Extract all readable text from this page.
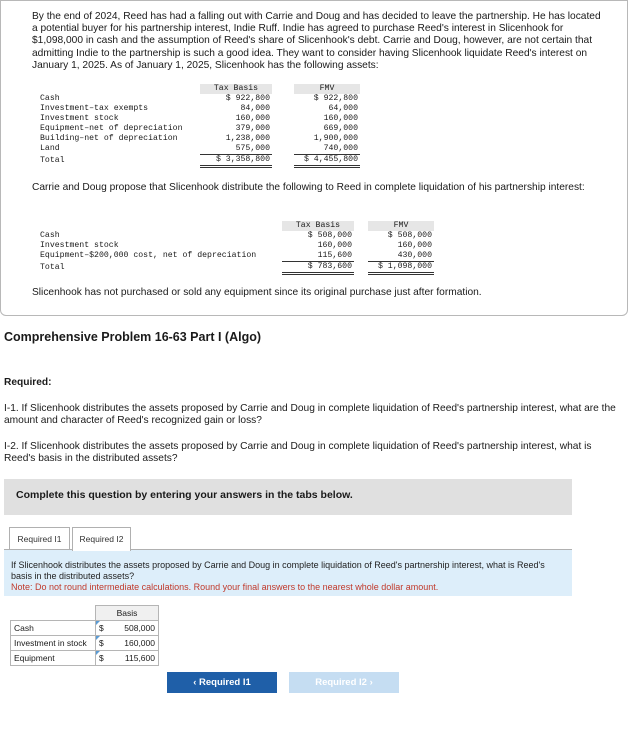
By the end of 2024, Reed has had a falling out with Carrie and Doug and has decided to leave the partnership. He has located a potential buyer for his partnership interest, Indie Ruff. Indie has agreed to purchase Reed's interest in Slicenhook for $1,098,000 in cash and the assumption of Reed's share of Slicenhook's debt. Carrie and Doug, however, are not certain that admitting Indie to the partnership is such a good idea. They want to consider having Slicenhook liquidate Reed's interest on January 1, 2025. As of January 1, 2025, Slicenhook has the following assets:
	Tax Basis		FMV
Cash	$ 922,800		$ 922,800
Investment–tax exempts	84,000		64,000
Investment stock	160,000		160,000
Equipment–net of depreciation	379,000		669,000
Building–net of depreciation	1,238,000		1,900,000
Land	575,000		740,000
Total	$ 3,358,800		$ 4,455,800
Carrie and Doug propose that Slicenhook distribute the following to Reed in complete liquidation of his partnership interest:
	Tax Basis		FMV
Cash	$ 508,000		$ 508,000
Investment stock	160,000		160,000
Equipment–$200,000 cost, net of depreciation	115,600		430,000
Total	$ 783,600		$ 1,098,000
Slicenhook has not purchased or sold any equipment since its original purchase just after formation.
Comprehensive Problem 16-63 Part I (Algo)
Required:
I-1. If Slicenhook distributes the assets proposed by Carrie and Doug in complete liquidation of Reed's partnership interest, what are the amount and character of Reed's recognized gain or loss?
I-2. If Slicenhook distributes the assets proposed by Carrie and Doug in complete liquidation of Reed's partnership interest, what is Reed's basis in the distributed assets?
Complete this question by entering your answers in the tabs below.
Required I1	Required I2
If Slicenhook distributes the assets proposed by Carrie and Doug in complete liquidation of Reed's partnership interest, what is Reed's basis in the distributed assets?
Note: Do not round intermediate calculations. Round your final answers to the nearest whole dollar amount.
	Basis	
Cash	$	508,000
Investment in stock	$	160,000
Equipment	$	115,600
‹ Required I1	Required I2 ›
